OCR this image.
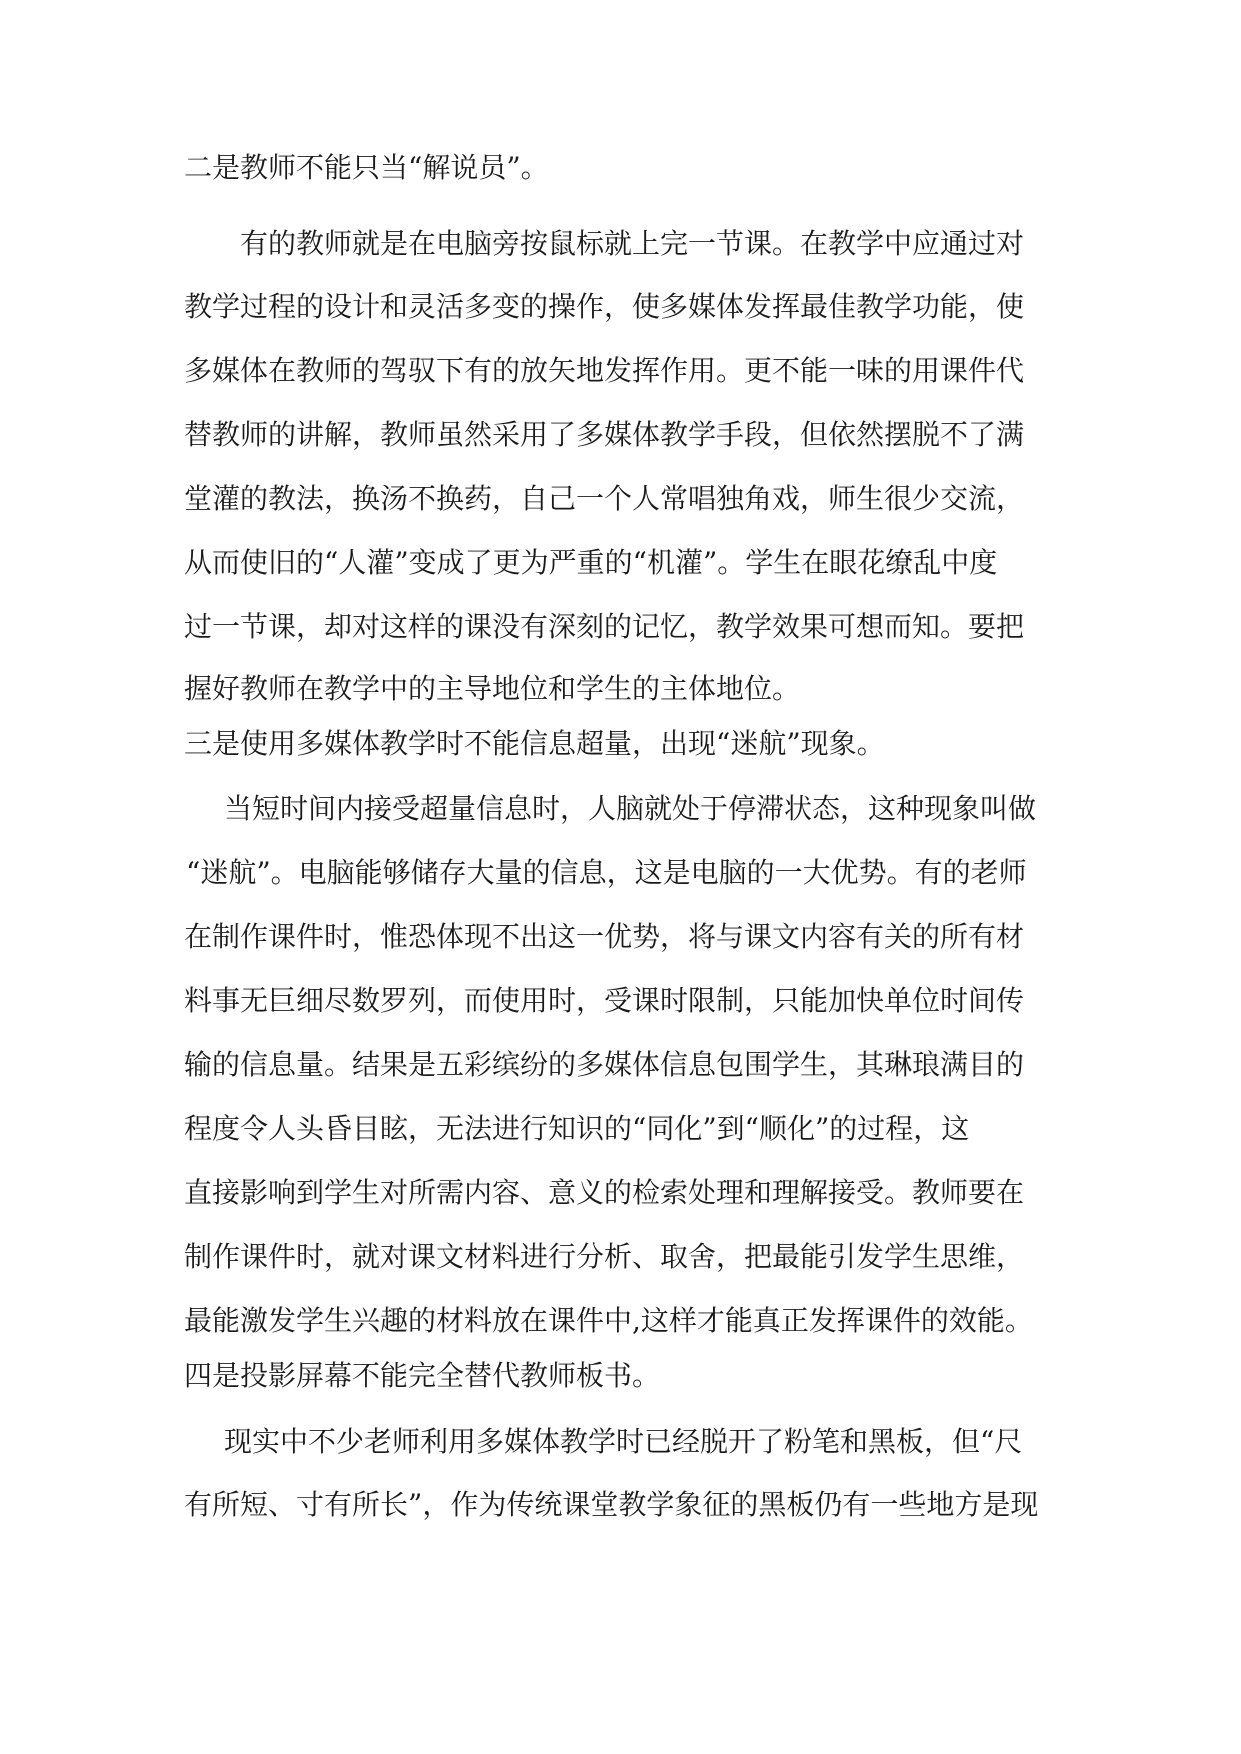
二是教师不能只当“解说员”。
有的教师就是在电脑旁按鼠标就上完一节课。在教学中应通过对
教学过程的设计和灵活多变的操作，使多媒体发挥最佳教学功能，使
多媒体在教师的驾驭下有的放矢地发挥作用。更不能一味的用课件代
替教师的讲解，教师虽然采用了多媒体教学手段，但依然摆脱不了满
堂灌的教法，换汤不换药，自己一个人常唱独角戏，师生很少交流，
从而使旧的“人灌”变成了更为严重的“机灌”。学生在眼花缭乱中度
过一节课，却对这样的课没有深刻的记忆，教学效果可想而知。要把
握好教师在教学中的主导地位和学生的主体地位。
三是使用多媒体教学时不能信息超量，出现“迷航”现象。
当短时间内接受超量信息时，人脑就处于停滞状态，这种现象叫做
“迷航”。电脑能够储存大量的信息，这是电脑的一大优势。有的老师
在制作课件时，惟恐体现不出这一优势，将与课文内容有关的所有材
料事无巨细尽数罗列，而使用时，受课时限制，只能加快单位时间传
输的信息量。结果是五彩缤纷的多媒体信息包围学生，其琳琅满目的
程度令人头昏目眩，无法进行知识的“同化”到“顺化”的过程，这
直接影响到学生对所需内容、意义的检索处理和理解接受。教师要在
制作课件时，就对课文材料进行分析、取舍，把最能引发学生思维，
最能激发学生兴趣的材料放在课件中,这样才能真正发挥课件的效能。
四是投影屏幕不能完全替代教师板书。
现实中不少老师利用多媒体教学时已经脱开了粉笔和黑板，但“尺
有所短、寸有所长”，作为传统课堂教学象征的黑板仍有一些地方是现
